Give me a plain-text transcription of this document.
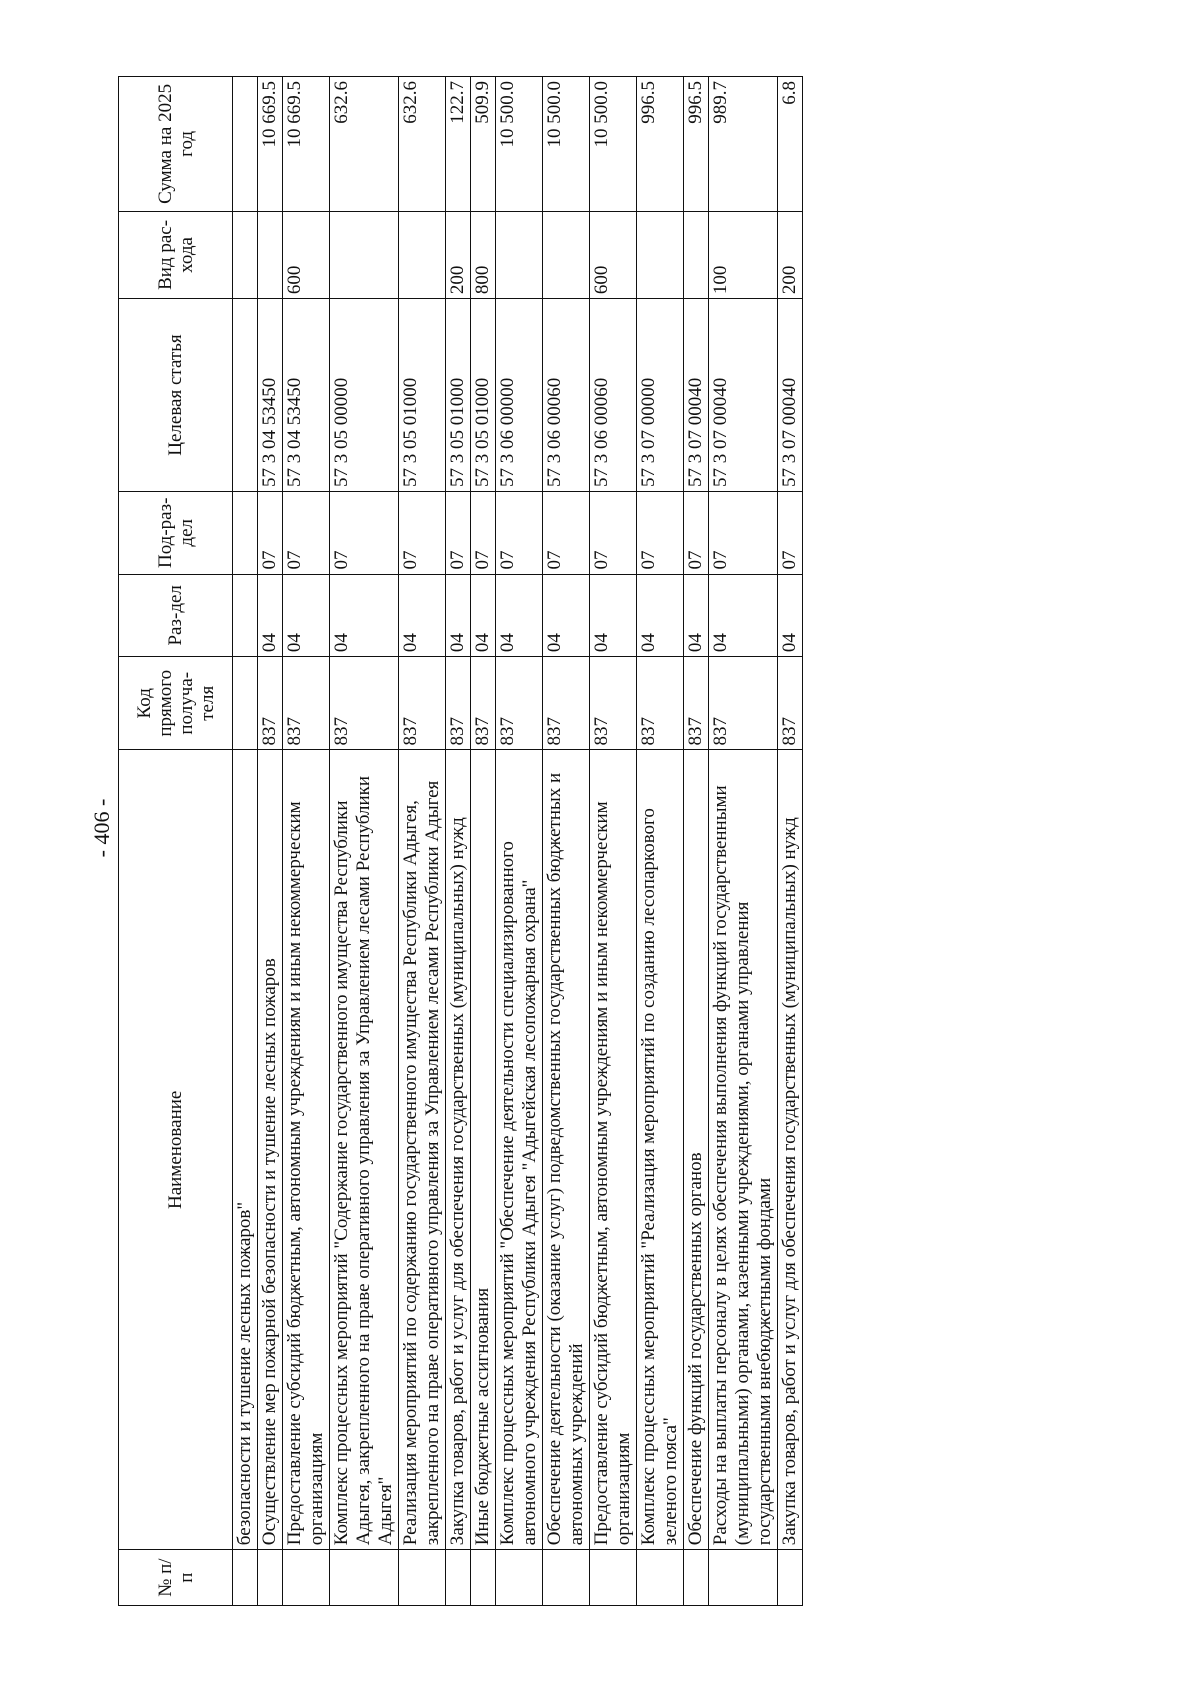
- 406 -
№ п/п	Наименование	Код прямого получа-теля	Раз-дел	Под-раз-дел	Целевая статья	Вид рас-хода	Сумма на 2025 год
	безопасности и тушение лесных пожаров"						
	Осуществление мер пожарной безопасности и тушение лесных пожаров	837	04	07	57 3 04 53450		10 669.5
	Предоставление субсидий бюджетным, автономным учреждениям и иным некоммерческим организациям	837	04	07	57 3 04 53450	600	10 669.5
	Комплекс процессных мероприятий "Содержание государственного имущества Республики Адыгея, закрепленного на праве оперативного управления за Управлением лесами Республики Адыгея"	837	04	07	57 3 05 00000		632.6
	Реализация мероприятий по содержанию государственного имущества Республики Адыгея, закрепленного на праве оперативного управления за Управлением лесами Республики Адыгея	837	04	07	57 3 05 01000		632.6
	Закупка товаров, работ и услуг для обеспечения государственных (муниципальных) нужд	837	04	07	57 3 05 01000	200	122.7
	Иные бюджетные ассигнования	837	04	07	57 3 05 01000	800	509.9
	Комплекс процессных мероприятий "Обеспечение деятельности специализированного автономного учреждения Республики Адыгея "Адыгейская лесопожарная охрана"	837	04	07	57 3 06 00000		10 500.0
	Обеспечение деятельности (оказание услуг) подведомственных государственных бюджетных и автономных учреждений	837	04	07	57 3 06 00060		10 500.0
	Предоставление субсидий бюджетным, автономным учреждениям и иным некоммерческим организациям	837	04	07	57 3 06 00060	600	10 500.0
	Комплекс процессных мероприятий "Реализация мероприятий по созданию лесопаркового зеленого пояса"	837	04	07	57 3 07 00000		996.5
	Обеспечение функций государственных органов	837	04	07	57 3 07 00040		996.5
	Расходы на выплаты персоналу в целях обеспечения выполнения функций государственными (муниципальными) органами, казенными учреждениями, органами управления государственными внебюджетными фондами	837	04	07	57 3 07 00040	100	989.7
	Закупка товаров, работ и услуг для обеспечения государственных (муниципальных) нужд	837	04	07	57 3 07 00040	200	6.8
